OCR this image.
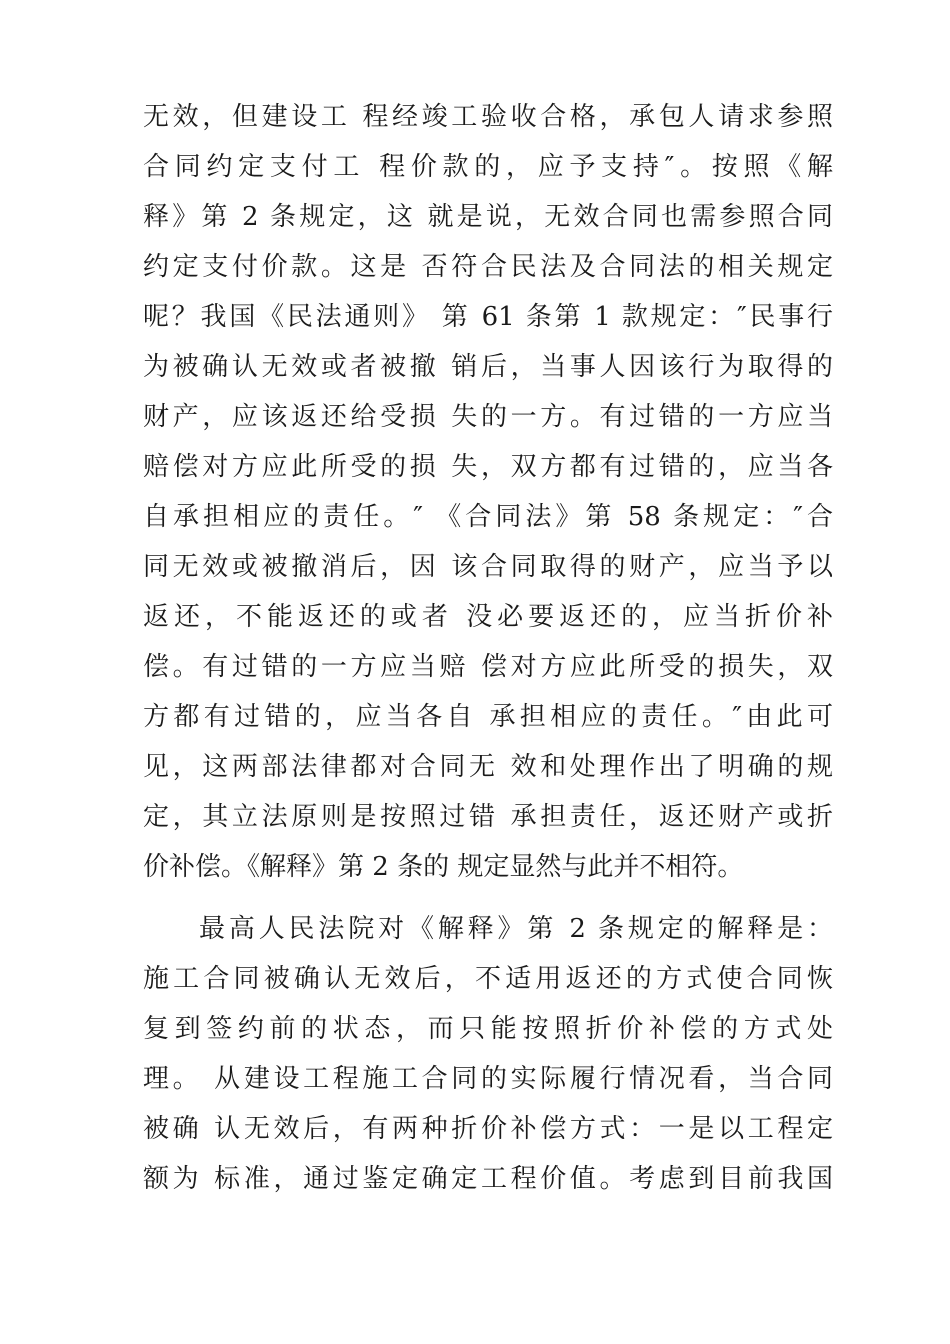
无效，但建设工 程经竣工验收合格，承包人请求参照
合同约定支付工 程价款的，应予支持″。按照《解
释》第 2 条规定，这 就是说，无效合同也需参照合同
约定支付价款。这是 否符合民法及合同法的相关规定
呢？我国《民法通则》 第 61 条第 1 款规定：″民事行
为被确认无效或者被撤 销后，当事人因该行为取得的
财产，应该返还给受损 失的一方。有过错的一方应当
赔偿对方应此所受的损 失，双方都有过错的，应当各
自承担相应的责任。″ 《合同法》第 58 条规定：″合
同无效或被撤消后，因 该合同取得的财产，应当予以
返还，不能返还的或者 没必要返还的，应当折价补
偿。有过错的一方应当赔 偿对方应此所受的损失，双
方都有过错的，应当各自 承担相应的责任。″由此可
见，这两部法律都对合同无 效和处理作出了明确的规
定，其立法原则是按照过错 承担责任，返还财产或折
价补偿。《解释》第 2 条的 规定显然与此并不相符。
最高人民法院对《解释》第 2 条规定的解释是：
施工合同被确认无效后，不适用返还的方式使合同恢
复到签约前的状态，而只能按照折价补偿的方式处
理。 从建设工程施工合同的实际履行情况看，当合同
被确 认无效后，有两种折价补偿方式：一是以工程定
额为 标准，通过鉴定确定工程价值。考虑到目前我国
